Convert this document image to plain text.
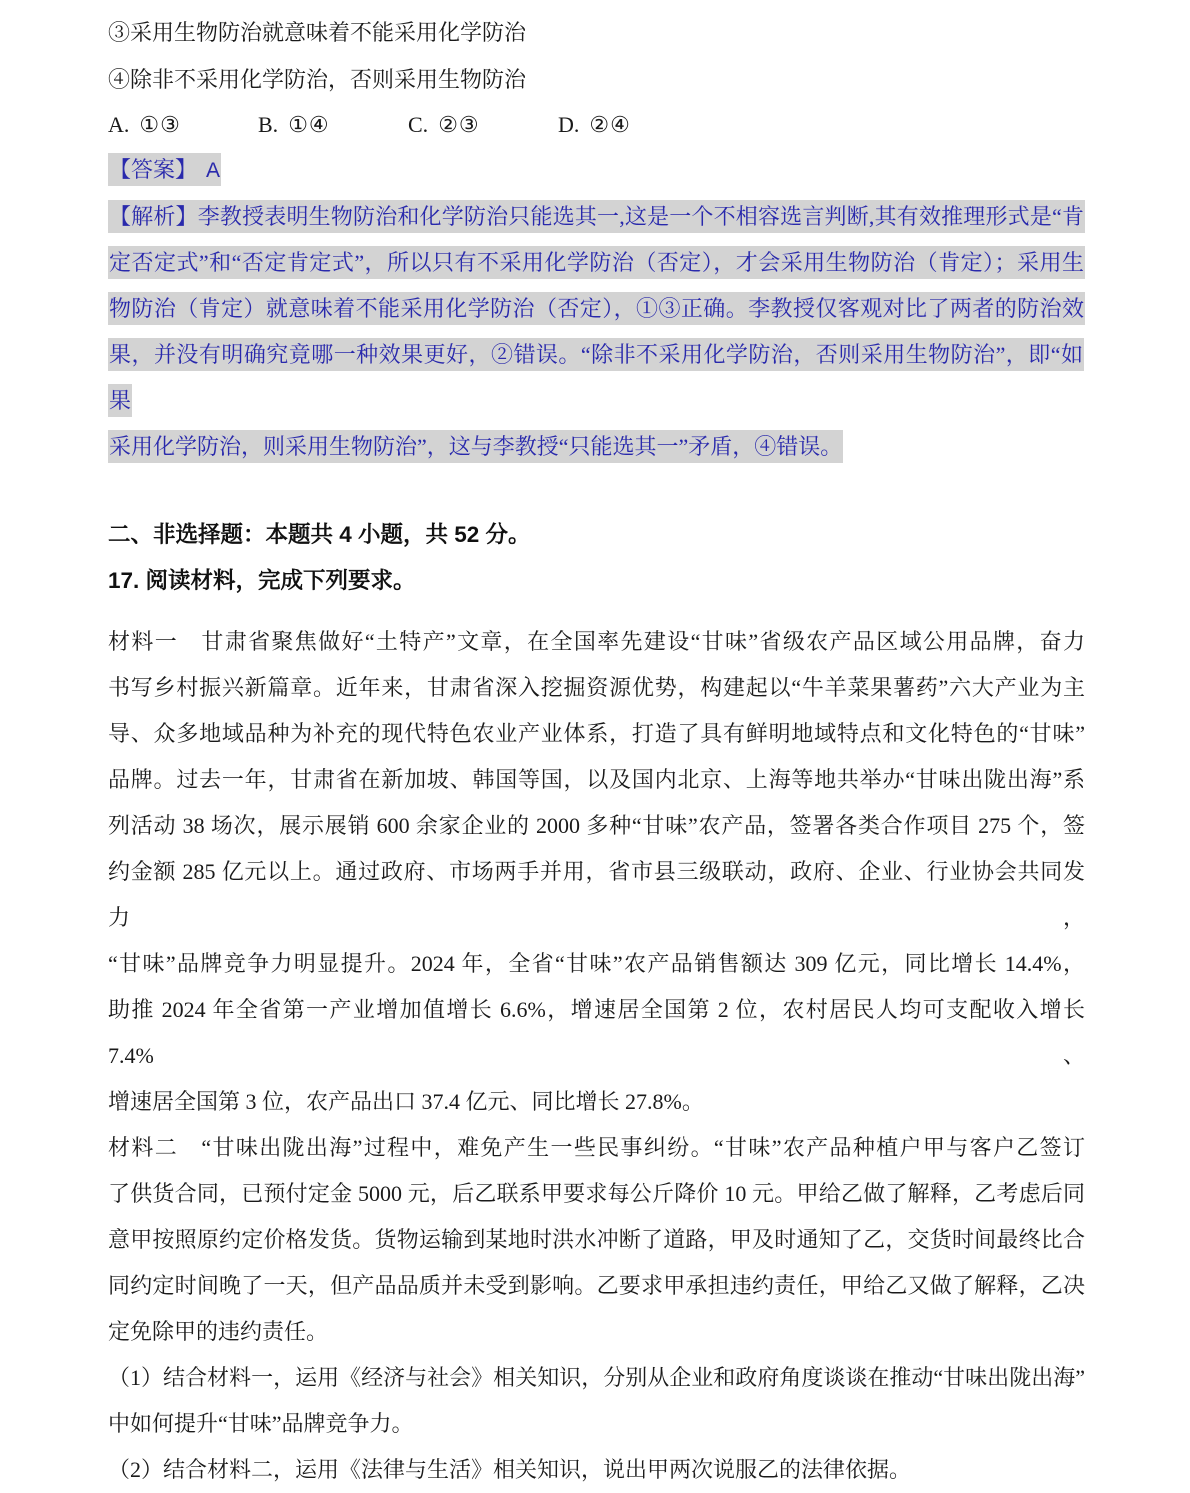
③采用生物防治就意味着不能采用化学防治
④除非不采用化学防治，否则采用生物防治
A. ①③	B. ①④	C. ②③	D. ②④
【答案】 A
【解析】李教授表明生物防治和化学防治只能选其一,这是一个不相容选言判断,其有效推理形式是“肯
定否定式”和“否定肯定式”，所以只有不采用化学防治（否定），才会采用生物防治（肯定）；采用生
物防治（肯定）就意味着不能采用化学防治（否定），①③正确。李教授仅客观对比了两者的防治效
果，并没有明确究竟哪一种效果更好，②错误。“除非不采用化学防治，否则采用生物防治”，即“如果
采用化学防治，则采用生物防治”，这与李教授“只能选其一”矛盾，④错误。
二、非选择题：本题共 4 小题，共 52 分。
17. 阅读材料，完成下列要求。
材料一　甘肃省聚焦做好“土特产”文章，在全国率先建设“甘味”省级农产品区域公用品牌，奋力
书写乡村振兴新篇章。近年来，甘肃省深入挖掘资源优势，构建起以“牛羊菜果薯药”六大产业为主
导、众多地域品种为补充的现代特色农业产业体系，打造了具有鲜明地域特点和文化特色的“甘味”
品牌。过去一年，甘肃省在新加坡、韩国等国，以及国内北京、上海等地共举办“甘味出陇出海”系
列活动 38 场次，展示展销 600 余家企业的 2000 多种“甘味”农产品，签署各类合作项目 275 个，签
约金额 285 亿元以上。通过政府、市场两手并用，省市县三级联动，政府、企业、行业协会共同发力，
“甘味”品牌竞争力明显提升。2024 年，全省“甘味”农产品销售额达 309 亿元，同比增长 14.4%，
助推 2024 年全省第一产业增加值增长 6.6%，增速居全国第 2 位，农村居民人均可支配收入增长 7.4%、
增速居全国第 3 位，农产品出口 37.4 亿元、同比增长 27.8%。
材料二　“甘味出陇出海”过程中，难免产生一些民事纠纷。“甘味”农产品种植户甲与客户乙签订
了供货合同，已预付定金 5000 元，后乙联系甲要求每公斤降价 10 元。甲给乙做了解释，乙考虑后同
意甲按照原约定价格发货。货物运输到某地时洪水冲断了道路，甲及时通知了乙，交货时间最终比合
同约定时间晚了一天，但产品品质并未受到影响。乙要求甲承担违约责任，甲给乙又做了解释，乙决
定免除甲的违约责任。
（1）结合材料一，运用《经济与社会》相关知识，分别从企业和政府角度谈谈在推动“甘味出陇出海”
中如何提升“甘味”品牌竞争力。
（2）结合材料二，运用《法律与生活》相关知识，说出甲两次说服乙的法律依据。
